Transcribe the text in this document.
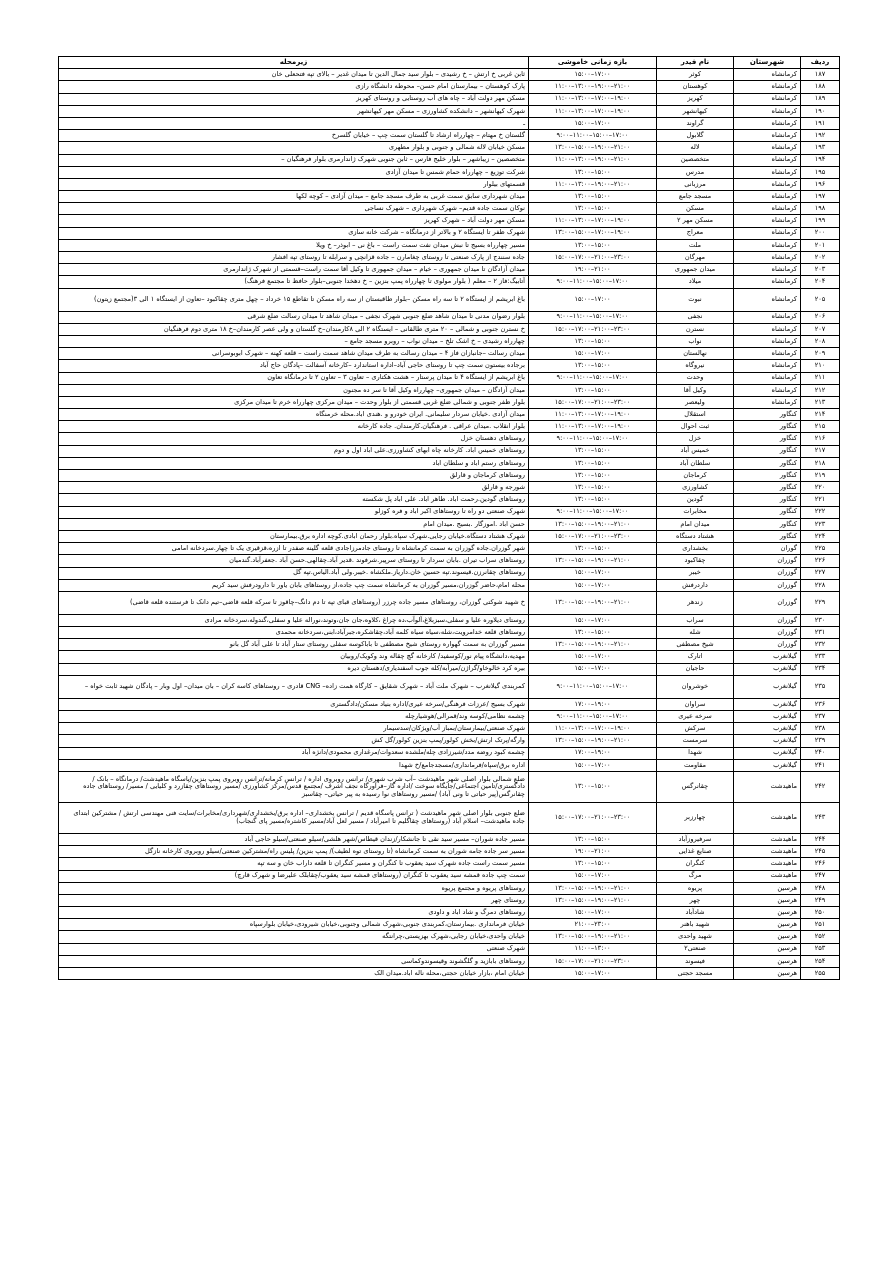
ردیف	شهرستان	نام فیدر	بازه زمانی خاموشی	زیرمحله
۱۸۷	کرمانشاه	کوثر	۱۵:۰۰–۱۷:۰۰	ثابن غربی خ ارتش – خ رشیدی – بلوار سید جمال الدین تا میدان غدیر – بالای تپه فتحعلی خان
۱۸۸	کرمانشاه	کوهستان	۱۱:۰۰–۱۳:۰۰–۱۹:۰۰–۲۱:۰۰	پارک کوهستان – بیمارستان امام حسن– محوطه دانشگاه رازی
۱۸۹	کرمانشاه	کهریز	۱۱:۰۰–۱۳:۰۰–۱۷:۰۰–۱۹:۰۰	مسکن مهر دولت آباد – چاه های آب روستایی و روستای کهریز
۱۹۰	کرمانشاه	کیهانشهر	۱۱:۰۰–۱۳:۰۰–۱۷:۰۰–۱۹:۰۰	شهرک کیهانشهر – دانشکده کشاورزی – مسکن مهر کیهانشهر
۱۹۱	کرمانشاه	گراوند	۱۵:۰۰–۱۷:۰۰	ـ
۱۹۲	کرمانشاه	گلابول	۹:۰۰–۱۱:۰۰–۱۵:۰۰–۱۷:۰۰	گلستان خ مهتام – چهارراه ارشاد تا گلستان سمت چپ – خیابان گلسرخ
۱۹۳	کرمانشاه	لاله	۱۳:۰۰–۱۵:۰۰–۱۹:۰۰–۲۱:۰۰	مسکن خیابان لاله شمالی و جنوبی و بلوار مطهری
۱۹۴	کرمانشاه	متخصصین	۱۱:۰۰–۱۳:۰۰–۱۹:۰۰–۲۱:۰۰	متخصصین – زیباشهر – بلوار خلیج فارس – ثابن جنوبی شهرک ژاندارمری بلوار فرهنگیان –
۱۹۵	کرمانشاه	مدرس	۱۳:۰۰–۱۵:۰۰	شرکت توزیع – چهارراه حمام شمس تا میدان آزادی
۱۹۶	کرمانشاه	مرزبانی	۱۱:۰۰–۱۳:۰۰–۱۹:۰۰–۲۱:۰۰	قسمتهای بیلوار
۱۹۷	کرمانشاه	مسجد جامع	۱۳:۰۰–۱۵:۰۰	میدان شهرداری سابق سمت غربی به طرف مسجد جامع – میدان آزادی – کوچه لکها
۱۹۸	کرمانشاه	مسکن	۱۳:۰۰–۱۵:۰۰	نوکان سمت جاده قدیم– شهرک شهرداری – شهرک نساجی
۱۹۹	کرمانشاه	مسکن مهر ۲	۱۱:۰۰–۱۳:۰۰–۱۷:۰۰–۱۹:۰۰	مسکن مهر دولت آباد – شهرک کهریز
۲۰۰	کرمانشاه	معراج	۱۳:۰۰–۱۵:۰۰–۱۷:۰۰–۱۹:۰۰	شهرک ظفر تا ایستگاه ۲ و بالاتر از درمانگاه – شرکت خانه سازی
۲۰۱	کرمانشاه	ملت	۱۳:۰۰–۱۵:۰۰	مسیر چهارراه بسیج تا نبش میدان نفت سمت راست – باغ نی – ابوذر– خ ویلا
۲۰۲	کرمانشاه	مهرگان	۱۵:۰۰–۱۷:۰۰–۲۱:۰۰–۲۳:۰۰	جاده سنندج از پارک صنعتی تا روستای چغامارن – جاده قزانچی و سرابله تا روستای تپه افشار
۲۰۳	کرمانشاه	میدان جمهوری	۱۹:۰۰–۲۱:۰۰	میدان آزادگان تا میدان جمهوری – خیام – میدان جمهوری تا وکیل آقا سمت راست–قسمتی از شهرک ژاندارمری
۲۰۴	کرمانشاه	میلاد	۹:۰۰–۱۱:۰۰–۱۵:۰۰–۱۷:۰۰	آتابیگ:فاز ۲ – معلم ( بلوار مولوی تا چهارراه پمپ بنزین – خ دهخدا جنوبی–بلوار حافظ تا مجتمع فرهنگ)
۲۰۵	کرمانشاه	نبوت	۱۵:۰۰–۱۷:۰۰	باغ ابریشم از ایستگاه ۲ تا سه راه مسکن –بلوار طاقبستان از سه راه مسکن تا تقاطع ۱۵ خرداد – چهل متری چقاکبود –تعاون از ایستگاه ۱ الی ۳(مجتمع زیتون)
۲۰۶	کرمانشاه	نجفی	۹:۰۰–۱۱:۰۰–۱۵:۰۰–۱۷:۰۰	بلوار رضوان مدنی تا میدان شاهد ضلع جنوبی شهرک نجفی – میدان شاهد تا میدان رسالت ضلع شرقی
۲۰۷	کرمانشاه	نسترن	۱۵:۰۰–۱۷:۰۰–۲۱:۰۰–۲۳:۰۰	خ نسترن جنوبی و شمالی – ۲۰ متری طالقانی – ایستگاه ۲ الی ۸کارمندان–خ گلستان و ولی عصر کارمندان–خ ۱۸ متری دوم فرهنگیان
۲۰۸	کرمانشاه	نواب	۱۳:۰۰–۱۵:۰۰	چهارراه رشیدی – خ اشک تلخ – میدان نواب – روبرو مسجد جامع –
۲۰۹	کرمانشاه	نهالستان	۱۵:۰۰–۱۷:۰۰	میدان رسالت –جانبازان فاز ۴ – میدان رسالت به طرف میدان شاهد سمت راست – قلعه کهنه – شهرک ابوبوسرانی
۲۱۰	کرمانشاه	نیروگاه	۱۳:۰۰–۱۵:۰۰	برجاده بیستون سمت چپ تا روستای حاجی آباد–اداره استاندارد –کارخانه آسفالت –پادگان حاج آباد
۲۱۱	کرمانشاه	وحدت	۹:۰۰–۱۱:۰۰–۱۵:۰۰–۱۷:۰۰	باغ ابریشم از ایستگاه ۴ تا میدان پرستار – هشت هکتاری – تعاون ۳ – تعاون ۲ تا درمانگاه تعاون
۲۱۲	کرمانشاه	وکیل آقا	۱۳:۰۰–۱۵:۰۰	میدان آزادگان – میدان جمهوری– چهارراه وکیل آقا تا سر ده مجنون
۲۱۳	کرمانشاه	ولیعصر	۱۵:۰۰–۱۷:۰۰–۲۱:۰۰–۲۳:۰۰	بلوار ظفر جنوبی و شمالی ضلع غربی قسمتی از بلوار وحدت – میدان مرکزی چهارراه خرم تا میدان مرکزی
۲۱۴	کنگاور	استقلال	۱۱:۰۰–۱۳:۰۰–۱۷:۰۰–۱۹:۰۰	میدان آزادی .خیابان سردار سلیمانی. ایران خودرو و .هندی اباد.محله خرمنگاه
۲۱۵	کنگاور	ثبت احوال	۱۱:۰۰–۱۳:۰۰–۱۷:۰۰–۱۹:۰۰	بلوار انقلاب .میدان عراقی . فرهنگیان.کارمندان. جاده کارخانه
۲۱۶	کنگاور	خزل	۹:۰۰–۱۱:۰۰–۱۵:۰۰–۱۷:۰۰	روستاهای دهستان خزل
۲۱۷	کنگاور	خمیس آباد	۱۳:۰۰–۱۵:۰۰	روستاهای خمیس اباد. کارخانه چاه ابهای کشاورزی.علی اباد اول و دوم
۲۱۸	کنگاور	سلطان آباد	۱۳:۰۰–۱۵:۰۰	روستاهای رستم اباد و سلطان اباد
۲۱۹	کنگاور	کرماجان	۱۳:۰۰–۱۵:۰۰	روستاهای کرماجان و قارلق
۲۲۰	کنگاور	کشاورزی	۱۳:۰۰–۱۵:۰۰	شورجه و قارلق
۲۲۱	کنگاور	گودین	۱۳:۰۰–۱۵:۰۰	روستاهای گودین.رحمت اباد. طاهر اباد. علی اباد پل شکسته
۲۲۲	کنگاور	مخابرات	۹:۰۰–۱۱:۰۰–۱۵:۰۰–۱۷:۰۰	شهرک صنعتی دو راه تا روستاهای اکبر اباد و فره کوزلو
۲۲۳	کنگاور	میدان امام	۱۳:۰۰–۱۵:۰۰–۱۹:۰۰–۲۱:۰۰	حسن اباد .اموزگار .بسیج .میدان امام
۲۲۴	کنگاور	هشتاد دستگاه	۱۵:۰۰–۱۷:۰۰–۲۱:۰۰–۲۳:۰۰	شهرک هشتاد دستگاه.خیابان رجایی.شهرک سپاه.بلوار رحمان ابادی.کوچه اداره برق.بیمارستان
۲۲۵	گوران	بخشداری	۱۳:۰۰–۱۵:۰۰	شهر گوزران.جاده گوزران به سمت کرمانشاه تا روستای جادمرزاجادی قلعه گلینه صفدر تا ازره،قزقیری یک تا چهار.سردخانه امامی
۲۲۶	گوزران	چقاکبود	۱۳:۰۰–۱۵:۰۰–۱۹:۰۰–۲۱:۰۰	روستاهای سراب تیران .بابان سردار تا روستای سرپیر.شرفوند .قدیر آباد.چقالهی.حسن آباد .جعفرآباد.گندمیان
۲۲۷	گوزران	خیبر	۱۵:۰۰–۱۷:۰۰	روستاهای چقانرزن.قیسوند.تپه حسین خان.داریاز.ملکشاه .خیبر.ولی آباد.الیاس.تپه گل
۲۲۸	گوزران	داردرفش	۱۵:۰۰–۱۷:۰۰	محله امام،حاضر گوزران،مسیر گوزران به کرمانشاه سمت چپ جاده،از روستاهای بابان یاور تا دارودرفش سید کریم
۲۲۹	گوزران	زندهر	۱۳:۰۰–۱۵:۰۰–۱۹:۰۰–۲۱:۰۰	خ شهید شوکتی گوزران، روستاهای مسیر جاده چرزر (روستاهای قبای تپه تا دم دانگ–چاقوز تا سرکه قلعه قاضی–تیم دانک تا فرستنده قلعه قاضی)
۲۳۰	گوزران	سراب	۱۵:۰۰–۱۷:۰۰	روستای دیلاوره علیا و سفلی،سبزبلاغ،آلوآب،ده چراغ ،کلاوه،جان جان،وتوند،نوراله علیا و سفلی،گندوله،سردخانه مرادی
۲۳۱	گوزران	شله	۱۳:۰۰–۱۵:۰۰	روستاهای قلعه خدامرویت،شله،سیاه سیاه کلمه آباد،چقاشکره،جبرآباد،ابنی،سردخانه محمدی
۲۳۲	گوزران	شیخ مصطفی	۱۳:۰۰–۱۵:۰۰–۱۹:۰۰–۲۱:۰۰	مسیر گوزران به سمت گهواره روستای شیخ مصطفی تا باباکوسه سفلی روستای ستار آباد تا علی آباد گل بانو
۲۳۳	گیلانغرب	اتارک	۱۵:۰۰–۱۷:۰۰	مهدیه،دانشگاه پیام نور/کوسفید/ کارخانه گچ چقاله وند وکویک/روبیان
۲۳۴	گیلانغرب	حاجیان	۱۵:۰۰–۱۷:۰۰	بیره کرد خالوخاو/گراژن/میرآبه/کله جوب اسفندیاری/دهستان دیره
۲۳۵	گیلانغرب	خوشروان	۹:۰۰–۱۱:۰۰–۱۵:۰۰–۱۷:۰۰	کمربندی گیلانغرب – شهرک ملت آباد – شهرک شقایق – کارگاه همت زاده– CNG قادری – روستاهای کاسه کران – بان میدان– اول وبار – پادگان شهید ثابت خواه –
۲۳۶	گیلانغرب	سراوان	۱۷:۰۰–۱۹:۰۰	شهرک بسیج /عرزات فرهنگی/سرخه عیری/اداره بنیاد مسکن/دادگستری
۲۳۷	گیلانغرب	سرخه عیری	۹:۰۰–۱۱:۰۰–۱۵:۰۰–۱۷:۰۰	چشمه نظامی/کوسه وند/قمرالی/هوشیارچله
۲۳۸	گیلانغرب	سرکش	۱۱:۰۰–۱۳:۰۰–۱۷:۰۰–۱۹:۰۰	شهرک صنعتی/بیمارستان/بمباز آب/ویژکان/سدسیمار
۲۳۹	گیلانغرب	سرمست	۱۳:۰۰–۱۵:۰۰–۱۹:۰۰–۲۱:۰۰	وارگه/پرتک ارتش/بخش کولور/پمپ بنزین کولور/گل کش
۲۴۰	گیلانغرب	شهدا	۱۷:۰۰–۱۹:۰۰	چشمه کبود روضه مدد/شیرزادی چله/ملشده سعدوات/مرغداری محمودی/دانژه آباد
۲۴۱	گیلانغرب	مقاومت	۱۵:۰۰–۱۷:۰۰	اداره برق/سپاه/فرمانداری/مسجدجامع/خ شهدا
۲۴۲	ماهیدشت	چقانرگس	۱۳:۰۰–۱۵:۰۰	ضلع شمالی بلوار اصلی شهر ماهیدشت –آب شرب شهری/ ترانس روبروی اداره / ترانس کرمانه/ترانس روبروی پمپ بنزین/پاسگاه ماهیدشت/ درمانگاه – بانک / دادگستری/تامین اجتماعی/جایگاه سوخت /اداره گاز–فرآورگاه نجف اشرف /مجتمع قدس/مرکز کشاورزی /مسیر روستاهای چقازرد و کلیایی / مسیر/ روستاهای جاده چقانرگس(پیر حیاتی تا ونی آباد) /مسیر روستاهای نوا رسیده به پیر حیاتی– چقاسبز
۲۴۳	ماهیدشت	چهارزبر	۱۵:۰۰–۱۷:۰۰–۲۱:۰۰–۲۳:۰۰	ضلع جنوبی بلوار اصلی شهر ماهیدشت ( ترانس پاسگاه قدیم / ترانس بخشداری– اداره برق/بخشداری/شهرداری/مخابرات/سایت فنی مهندسی ارتش / مشترکین ابتدای جاده ماهیدشت– اسلام آباد (روستاهای چقاگلیم تا امیرآباد / مسیر لعل آباد/مسیر کاشتره/مسیر پای گنجاب)
۲۴۴	ماهیدشت	سرفیروزآباد	۱۳:۰۰–۱۵:۰۰	مسیر جاده شوران– مسیر سید نقی تا جانشکار/زندان قیطاس/شهر هلشی/سیلو صنعتی/سیلو حاجی آباد
۲۴۵	ماهیدشت	صنایع غذایی	۱۹:۰۰–۲۱:۰۰	مسیر سر جاده جامه شوران به سمت کرمانشاه (تا روستای توه لطیف)/ پمپ بنزین/ پلیس راه/مشترکین صنعتی/سیلو روبروی کارخانه نازگل
۲۴۶	ماهیدشت	کنگران	۱۳:۰۰–۱۵:۰۰	مسیر سمت راست جاده شهرک سید یعقوب تا کنگران و مسیر کنگران تا قلعه داراب خان و سه تپه
۲۴۷	ماهیدشت	مرگ	۱۵:۰۰–۱۷:۰۰	سمت چپ جاده قمشه سید یعقوب تا کنگران (روستاهای قمشه سید یعقوب/چقابلک علیرضا و شهرک قارچ)
۲۴۸	هرسین	پریوه	۱۳:۰۰–۱۵:۰۰–۱۹:۰۰–۲۱:۰۰	روستاهای پریوه و مجتمع پریوه
۲۴۹	هرسین	چهر	۱۳:۰۰–۱۵:۰۰–۱۹:۰۰–۲۱:۰۰	روستای چهر
۲۵۰	هرسین	شادآباد	۱۵:۰۰–۱۷:۰۰	روستاهای دمرگ و شاد اباد و داودی
۲۵۱	هرسین	شهید باهنر	۲۱:۰۰–۲۳:۰۰	خیابان فرمانداری .بیمارستان،کمربندی جنوبی،شهرک شمالی وجنوبی،خیابان شیرودی،خیابان بلوارسپاه
۲۵۲	هرسین	شهید واحدی	۱۳:۰۰–۱۵:۰۰–۱۹:۰۰–۲۱:۰۰	خیابان واحدی،خیابان رجایی،شهرک بهزیستی،چرانتگه
۲۵۳	هرسین	صنعتی۲	۱۱:۰۰–۱۳:۰۰	شهرک صنعتی
۲۵۴	هرسین	فیسوند	۱۵:۰۰–۱۷:۰۰–۲۱:۰۰–۲۳:۰۰	روستاهای بابازید و گلگشوند وقیسوندوکماسی
۲۵۵	هرسین	مسجد حجتی	۱۵:۰۰–۱۷:۰۰	خیابان امام ،بازار خیابان حجتی،محله ناله اباد.میدان الک
